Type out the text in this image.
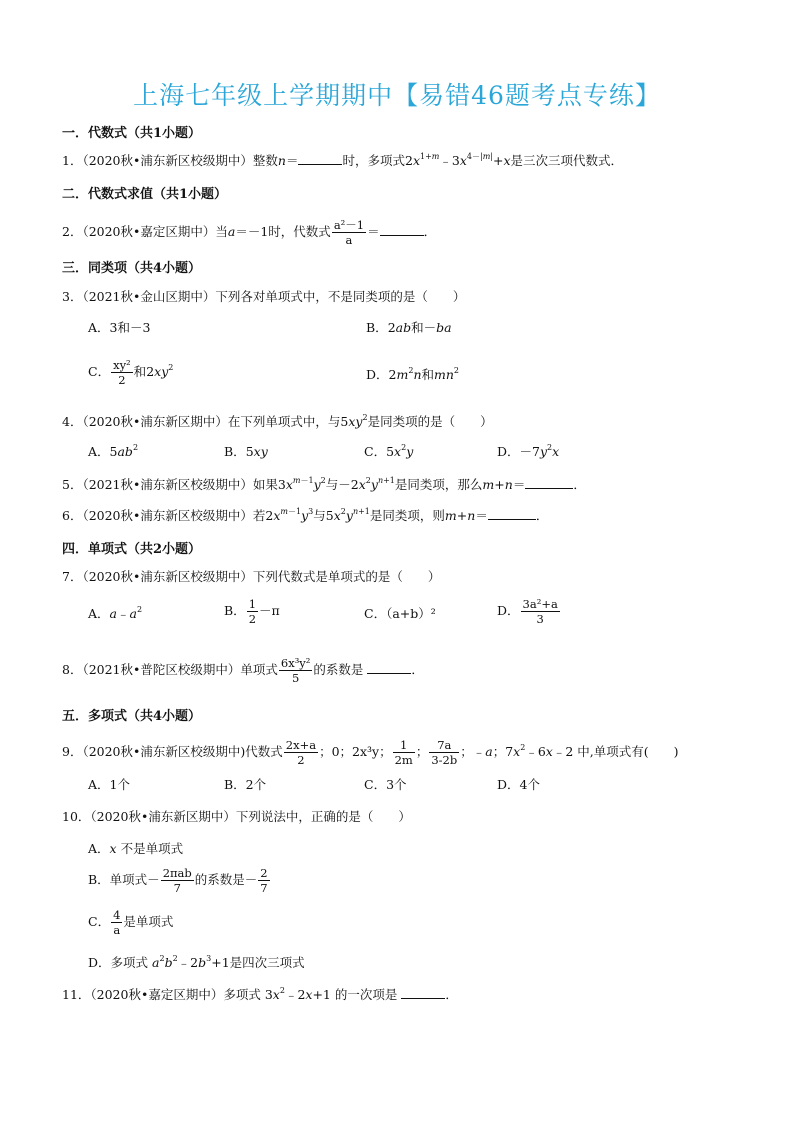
上海七年级上学期期中【易错46题考点专练】
一．代数式（共1小题）
1．（2020秋•浦东新区校级期中）整数n＝	时，多项式$2x^{1+m}﹣3x^{4-|m|}+x$是三次三项代数式．
二．代数式求值（共1小题）
2．（2020秋•嘉定区期中）当a＝－1时，代数式 $\frac{\text{a²－1}}{a}$ ＝	．
三．同类项（共4小题）
3．（2021秋•金山区期中）下列各对单项式中，不是同类项的是（　　）
A．3和－3	B．2ab和－ba
C． $\frac{\text{xy²}}{2}$ 和$2xy^2$	D．$2m^2n$和$mn^2$
4．（2020秋•浦东新区期中）在下列单项式中，与$5xy^2$是同类项的是（　　）
A．$5ab^2$	B．5xy	C．$5x^2y$	D．$-7y^2x$
5．（2021秋•浦东新区校级期中）如果$3x^{m-1}y^2$与$-2x^2y^{n+1}$是同类项，那么m+n＝	．
6．（2020秋•浦东新区校级期中）若$2x^{m-1}y^3$与$5x^2y^{n+1}$是同类项，则m+n＝	．
四．单项式（共2小题）
7．（2020秋•浦东新区校级期中）下列代数式是单项式的是（　　）
A．$a﹣a^2$	B． $\frac{1}{2} -\pi$	C．（a+b）²	D． $\frac{\text{3a²+a}}{3}$
8．（2021秋•普陀区校级期中）单项式 $\frac{\text{6x³y²}}{5}$ 的系数是	．
五．多项式（共4小题）
9．（2020秋•浦东新区校级期中)代数式 $\frac{2x+a}{2}$ ；0；2x³y； $\frac{1}{2m}$ ； $\frac{7a}{3-2b}$ ；﹣a；$7x^2﹣6x﹣2$ 中,单项式有(　　)
A．1个	B．2个	C．3个	D．4个
10．（2020秋•浦东新区期中）下列说法中，正确的是（　　）
A．x 不是单项式
B．单项式－ $\frac{\text{2πab}}{7}$ 的系数是－ $\frac{2}{7}$
C． $\frac{4}{a}$ 是单项式
D．多项式 $a^2b^2﹣2b^3+1$是四次三项式
11．（2020秋•嘉定区期中）多项式 $3x^2﹣2x+1$ 的一次项是	．
